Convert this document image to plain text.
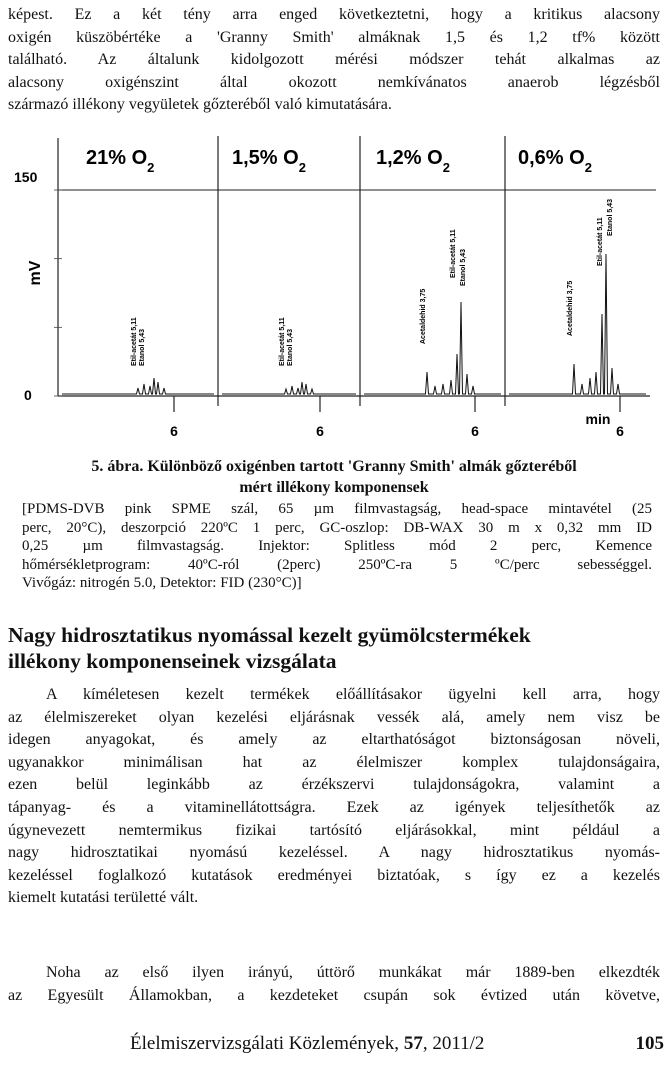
képest. Ez a két tény arra enged következtetni, hogy a kritikus alacsony
oxigén küszöbértéke a 'Granny Smith' almáknak 1,5 és 1,2 tf% között
található. Az általunk kidolgozott mérési módszer tehát alkalmas az
alacsony oxigénszint által okozott nemkívánatos anaerob légzésből
származó illékony vegyületek gőzteréből való kimutatására.
150
0
mV
21% $O_2$
6
Etil-acetát 5,11 Etanol 5,43
1,5% $O_2$
6
Etil-acetát 5,11 Etanol 5,43
1,2% $O_2$
6
Acetaldehid 3,75
Etil-acetát 5,11 Etanol 5,43
0,6% $O_2$
6
Acetaldehid 3,75
Etil-acetát 5,11 Etanol 5,43
min
5. ábra. Különböző oxigénben tartott 'Granny Smith' almák gőzteréből
mért illékony komponensek
[PDMS-DVB pink SPME szál, 65 µm filmvastagság, head-space mintavétel (25
perc, 20°C), deszorpció 220ºC 1 perc, GC-oszlop: DB-WAX 30 m x 0,32 mm ID
0,25 µm filmvastagság. Injektor: Splitless mód 2 perc, Kemence
hőmérsékletprogram: 40ºC-ról (2perc) 250ºC-ra 5 ºC/perc sebességgel.
Vivőgáz: nitrogén 5.0, Detektor: FID (230°C)]
Nagy hidrosztatikus nyomással kezelt gyümölcstermékek
illékony komponenseinek vizsgálata
A kíméletesen kezelt termékek előállításakor ügyelni kell arra, hogy
az élelmiszereket olyan kezelési eljárásnak vessék alá, amely nem visz be
idegen anyagokat, és amely az eltarthatóságot biztonságosan növeli,
ugyanakkor minimálisan hat az élelmiszer komplex tulajdonságaira,
ezen belül leginkább az érzékszervi tulajdonságokra, valamint a
tápanyag- és a vitaminellátottságra. Ezek az igények teljesíthetők az
úgynevezett nemtermikus fizikai tartósító eljárásokkal, mint például a
nagy hidrosztatikai nyomású kezeléssel. A nagy hidrosztatikus nyomás-
kezeléssel foglalkozó kutatások eredményei biztatóak, s így ez a kezelés
kiemelt kutatási területté vált.
Noha az első ilyen irányú, úttörő munkákat már 1889-ben elkezdték
az Egyesült Államokban, a kezdeteket csupán sok évtized után követve,
Élelmiszervizsgálati Közlemények, 57, 2011/2	105
